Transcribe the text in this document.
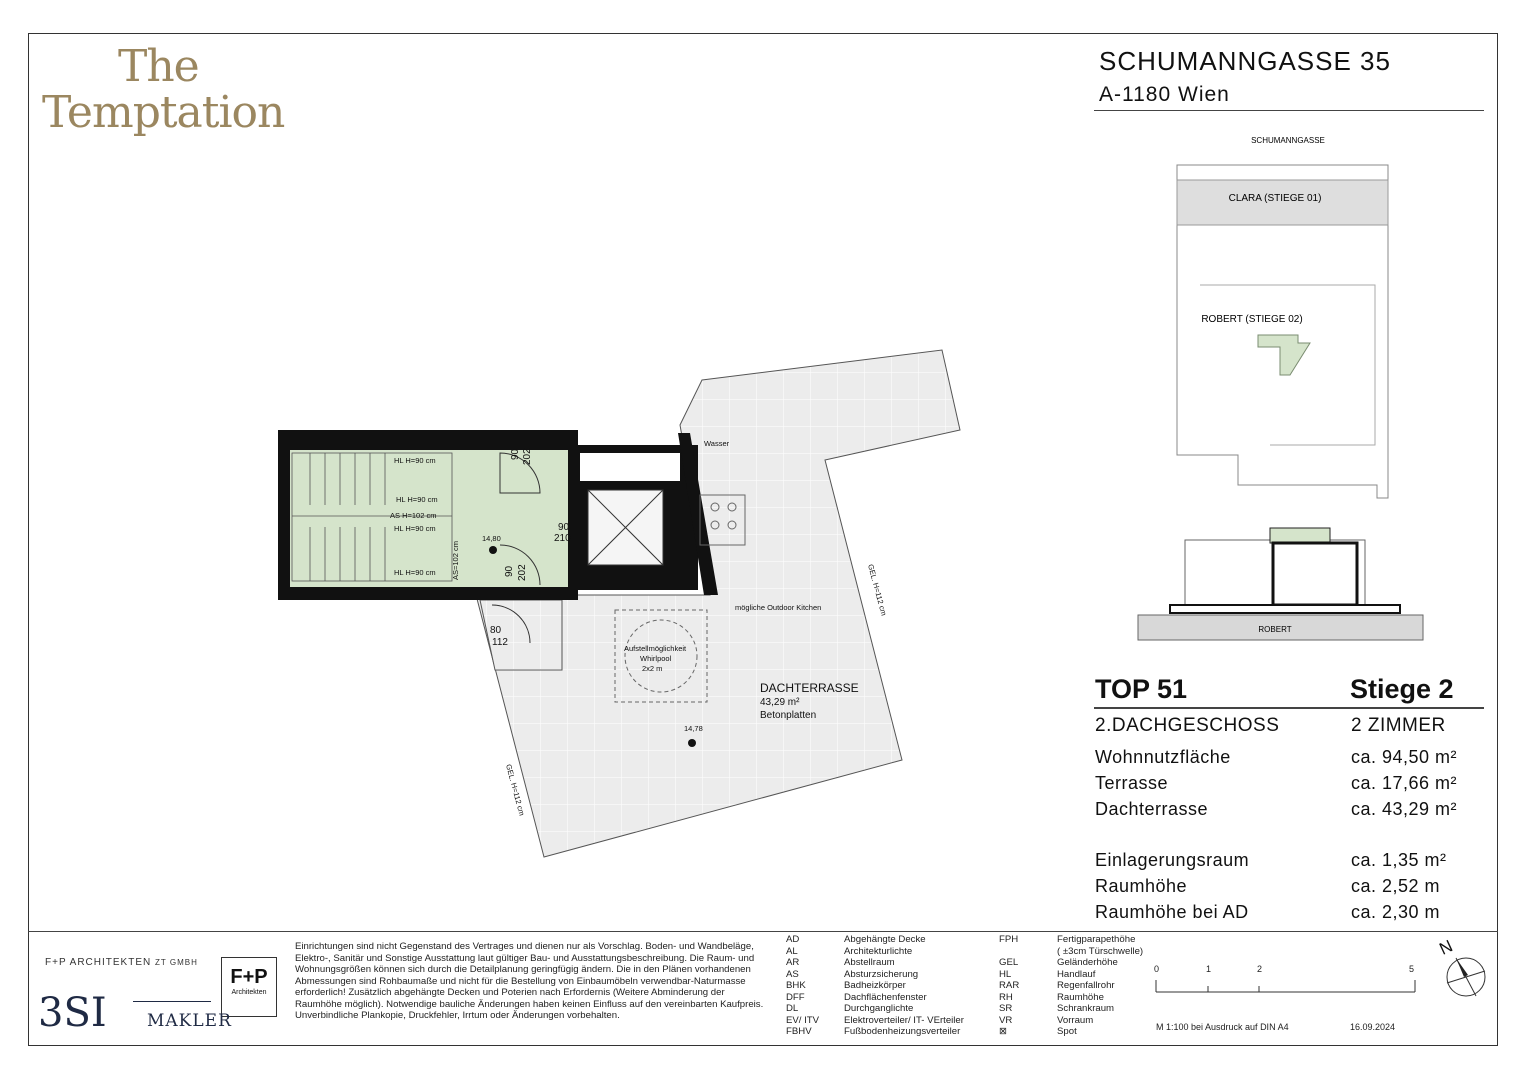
The
Temptation
SCHUMANNGASSE 35
A-1180 Wien
SCHUMANNGASSE
CLARA (STIEGE 01)
ROBERT (STIEGE 02)
ROBERT
HL H=90 cm
HL H=90 cm
AS H=102 cm
HL H=90 cm
HL H=90 cm AS=102 cm
14,80
14,78
Wasser
mögliche Outdoor Kitchen
Aufstellmöglichkeit
Whirlpool
2x2 m
GEL. H=112 cm
GEL. H=112 cm
90 202
90
210
90 202
80
112
DACHTERRASSE
43,29 m²
Betonplatten
TOP 51	Stiege 2
2.DACHGESCHOSS	2 ZIMMER
Wohnnutzfläche	ca. 94,50 m²
Terrasse	ca. 17,66 m²
Dachterrasse	ca. 43,29 m²
Einlagerungsraum	ca. 1,35 m²
Raumhöhe	ca. 2,52 m
Raumhöhe bei AD	ca. 2,30 m
F+P ARCHITEKTEN ZT GMBH
F+P
Architekten
3SI MAKLER
Einrichtungen sind nicht Gegenstand des Vertrages und dienen nur als Vorschlag. Boden- und Wandbeläge, Elektro-, Sanitär und Sonstige Ausstattung laut gültiger Bau- und Ausstattungsbeschreibung. Die Raum- und Wohnungsgrößen können sich durch die Detailplanung geringfügig ändern. Die in den Plänen vorhandenen Abmessungen sind Rohbaumaße und nicht für die Bestellung von Einbaumöbeln verwendbar-Naturmasse erforderlich! Zusätzlich abgehängte Decken und Poterien nach Erfordernis (Weitere Abminderung der Raumhöhe möglich). Notwendige bauliche Änderungen haben keinen Einfluss auf den vereinbarten Kaufpreis. Unverbindliche Plankopie, Druckfehler, Irrtum oder Änderungen vorbehalten.
AD	Abgehängte Decke
AL	Architekturlichte
AR	Abstellraum
AS	Absturzsicherung
BHK	Badheizkörper
DFF	Dachflächenfenster
DL	Durchganglichte
EV/ ITV	Elektroverteiler/ IT- VErteiler
FBHV	Fußbodenheizungsverteiler
FPH	Fertigparapethöhe
( ±3cm Türschwelle)
GEL	Geländerhöhe
HL	Handlauf
RAR	Regenfallrohr
RH	Raumhöhe
SR	Schrankraum
VR	Vorraum
⊠	Spot
0	1	2	5
M 1:100 bei Ausdruck auf DIN A4	16.09.2024
N
